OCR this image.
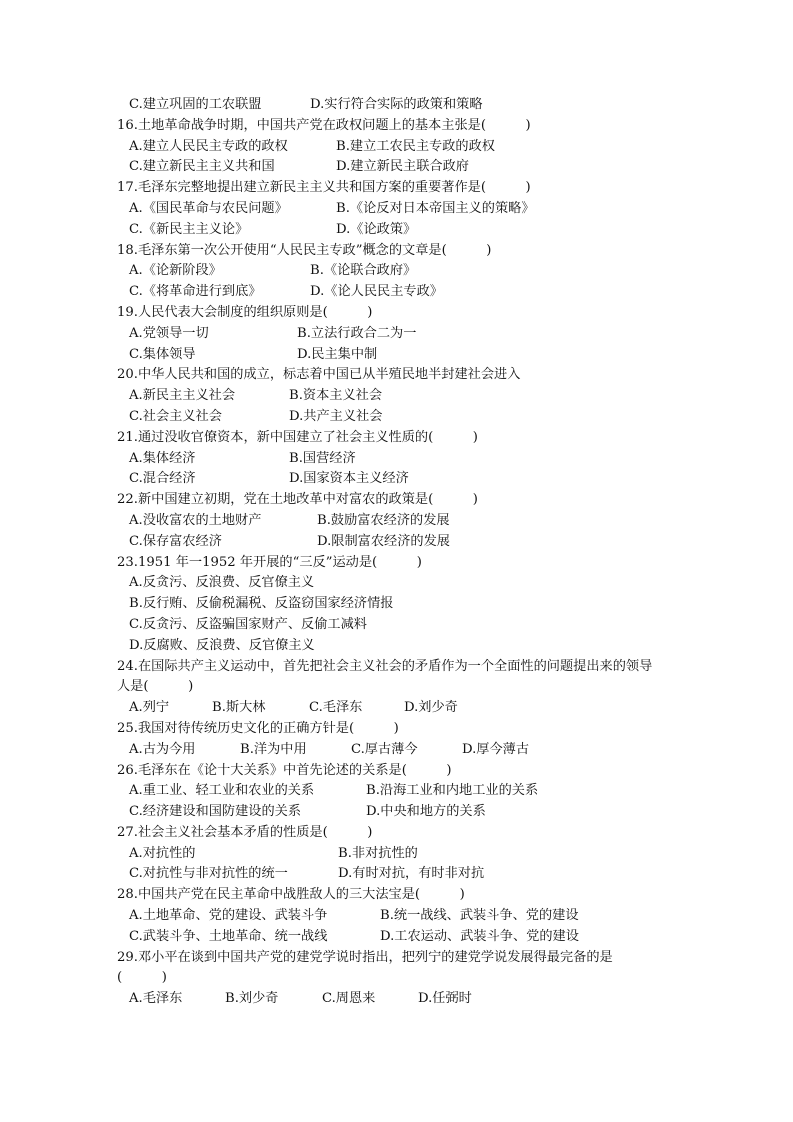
C.建立巩固的工农联盟	D.实行符合实际的政策和策略
16.土地革命战争时期，中国共产党在政权问题上的基本主张是(　　　)
A.建立人民民主专政的政权	B.建立工农民主专政的政权
C.建立新民主主义共和国	D.建立新民主联合政府
17.毛泽东完整地提出建立新民主主义共和国方案的重要著作是(　　　)
A.《国民革命与农民问题》	B.《论反对日本帝国主义的策略》
C.《新民主主义论》	D.《论政策》
18.毛泽东第一次公开使用“人民民主专政”概念的文章是(　　　)
A.《论新阶段》	B.《论联合政府》
C.《将革命进行到底》	D.《论人民民主专政》
19.人民代表大会制度的组织原则是(　　　)
A.党领导一切	B.立法行政合二为一
C.集体领导	D.民主集中制
20.中华人民共和国的成立，标志着中国已从半殖民地半封建社会进入
A.新民主主义社会	B.资本主义社会
C.社会主义社会	D.共产主义社会
21.通过没收官僚资本，新中国建立了社会主义性质的(　　　)
A.集体经济	B.国营经济
C.混合经济	D.国家资本主义经济
22.新中国建立初期，党在土地改革中对富农的政策是(　　　)
A.没收富农的土地财产	B.鼓励富农经济的发展
C.保存富农经济	D.限制富农经济的发展
23.1951 年一1952 年开展的“三反”运动是(　　　)
A.反贪污、反浪费、反官僚主义
B.反行贿、反偷税漏税、反盗窃国家经济情报
C.反贪污、反盗骗国家财产、反偷工减料
D.反腐败、反浪费、反官僚主义
24.在国际共产主义运动中，首先把社会主义社会的矛盾作为一个全面性的问题提出来的领导
人是(　　　)
A.列宁	B.斯大林	C.毛泽东	D.刘少奇
25.我国对待传统历史文化的正确方针是(　　　)
A.古为今用	B.洋为中用	C.厚古薄今	D.厚今薄古
26.毛泽东在《论十大关系》中首先论述的关系是(　　　)
A.重工业、轻工业和农业的关系	B.沿海工业和内地工业的关系
C.经济建设和国防建设的关系	D.中央和地方的关系
27.社会主义社会基本矛盾的性质是(　　　)
A.对抗性的	B.非对抗性的
C.对抗性与非对抗性的统一	D.有时对抗，有时非对抗
28.中国共产党在民主革命中战胜敌人的三大法宝是(　　　)
A.土地革命、党的建设、武装斗争	B.统一战线、武装斗争、党的建设
C.武装斗争、土地革命、统一战线	D.工农运动、武装斗争、党的建设
29.邓小平在谈到中国共产党的建党学说时指出，把列宁的建党学说发展得最完备的是
(　　　)
A.毛泽东	B.刘少奇	C.周恩来	D.任弼时
